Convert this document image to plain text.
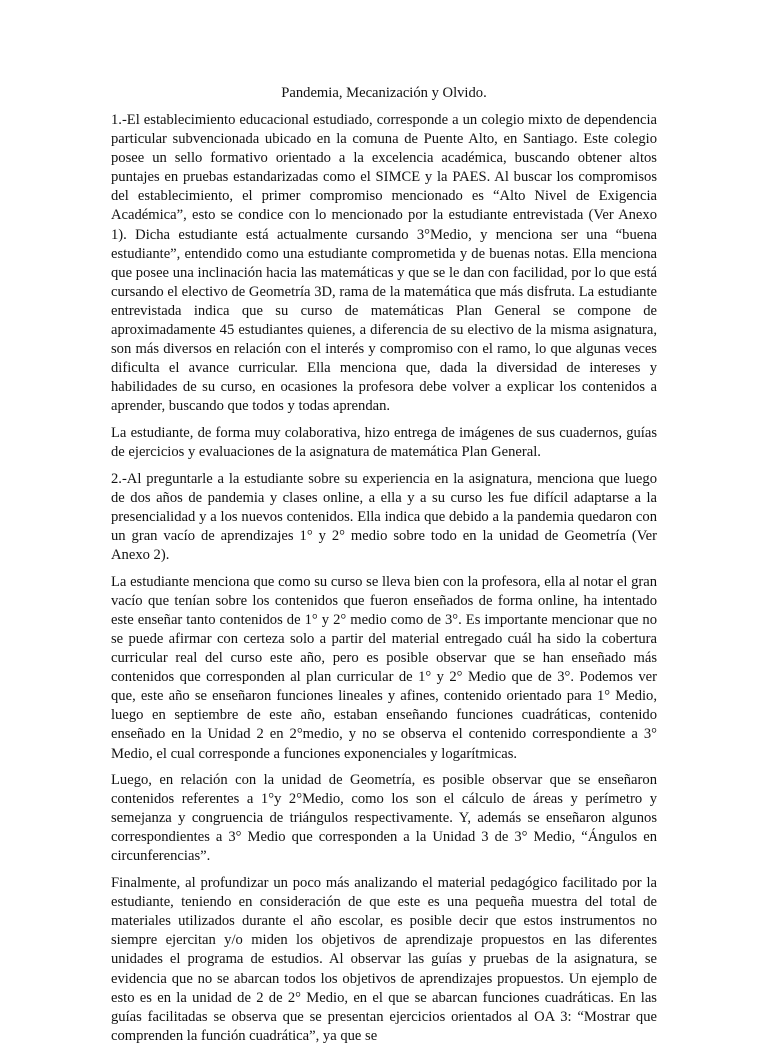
Pandemia, Mecanización y Olvido.

1.-El establecimiento educacional estudiado, corresponde a un colegio mixto de dependencia particular subvencionada ubicado en la comuna de Puente Alto, en Santiago. Este colegio posee un sello formativo orientado a la excelencia académica, buscando obtener altos puntajes en pruebas estandarizadas como el SIMCE y la PAES. Al buscar los compromisos del establecimiento, el primer compromiso mencionado es “Alto Nivel de Exigencia Académica”, esto se condice con lo mencionado por la estudiante entrevistada (Ver Anexo 1). Dicha estudiante está actualmente cursando 3°Medio, y menciona ser una “buena estudiante”, entendido como una estudiante comprometida y de buenas notas. Ella menciona que posee una inclinación hacia las matemáticas y que se le dan con facilidad, por lo que está cursando el electivo de Geometría 3D, rama de la matemática que más disfruta. La estudiante entrevistada indica que su curso de matemáticas Plan General se compone de aproximadamente 45 estudiantes quienes, a diferencia de su electivo de la misma asignatura, son más diversos en relación con el interés y compromiso con el ramo, lo que algunas veces dificulta el avance curricular. Ella menciona que, dada la diversidad de intereses y habilidades de su curso, en ocasiones la profesora debe volver a explicar los contenidos a aprender, buscando que todos y todas aprendan.

La estudiante, de forma muy colaborativa, hizo entrega de imágenes de sus cuadernos, guías de ejercicios y evaluaciones de la asignatura de matemática Plan General.

2.-Al preguntarle a la estudiante sobre su experiencia en la asignatura, menciona que luego de dos años de pandemia y clases online, a ella y a su curso les fue difícil adaptarse a la presencialidad y a los nuevos contenidos. Ella indica que debido a la pandemia quedaron con un gran vacío de aprendizajes 1° y 2° medio sobre todo en la unidad de Geometría (Ver Anexo 2).

La estudiante menciona que como su curso se lleva bien con la profesora, ella al notar el gran vacío que tenían sobre los contenidos que fueron enseñados de forma online, ha intentado este enseñar tanto contenidos de 1° y 2° medio como de 3°. Es importante mencionar que no se puede afirmar con certeza solo a partir del material entregado cuál ha sido la cobertura curricular real del curso este año, pero es posible observar que se han enseñado más contenidos que corresponden al plan curricular de 1° y 2° Medio que de 3°. Podemos ver que, este año se enseñaron funciones lineales y afines, contenido orientado para 1° Medio, luego en septiembre de este año, estaban enseñando funciones cuadráticas, contenido enseñado en la Unidad 2 en 2°medio, y no se observa el contenido correspondiente a 3° Medio, el cual corresponde a funciones exponenciales y logarítmicas.

Luego, en relación con la unidad de Geometría, es posible observar que se enseñaron contenidos referentes a 1°y 2°Medio, como los son el cálculo de áreas y perímetro y semejanza y congruencia de triángulos respectivamente. Y, además se enseñaron algunos correspondientes a 3° Medio que corresponden a la Unidad 3 de 3° Medio, “Ángulos en circunferencias”.

Finalmente, al profundizar un poco más analizando el material pedagógico facilitado por la estudiante, teniendo en consideración de que este es una pequeña muestra del total de materiales utilizados durante el año escolar, es posible decir que estos instrumentos no siempre ejercitan y/o miden los objetivos de aprendizaje propuestos en las diferentes unidades el programa de estudios. Al observar las guías y pruebas de la asignatura, se evidencia que no se abarcan todos los objetivos de aprendizajes propuestos. Un ejemplo de esto es en la unidad de 2 de 2° Medio, en el que se abarcan funciones cuadráticas. En las guías facilitadas se observa que se presentan ejercicios orientados al OA 3: “Mostrar que comprenden la función cuadrática”, ya que se
